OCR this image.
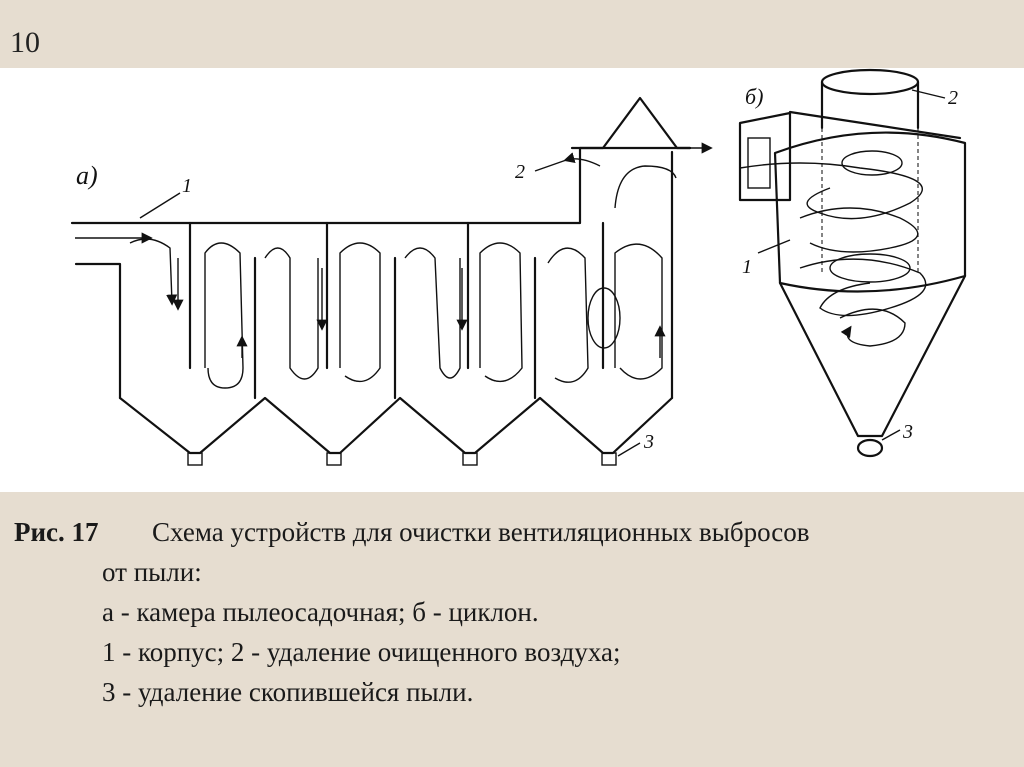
10
а)	1
2
3
б)	2
1
3
Рис. 17 Схема устройств для очистки вентиляционных выбросов
от пыли:
а - камера пылеосадочная; б - циклон.
1 - корпус; 2 - удаление очищенного воздуха;
3 - удаление скопившейся пыли.
